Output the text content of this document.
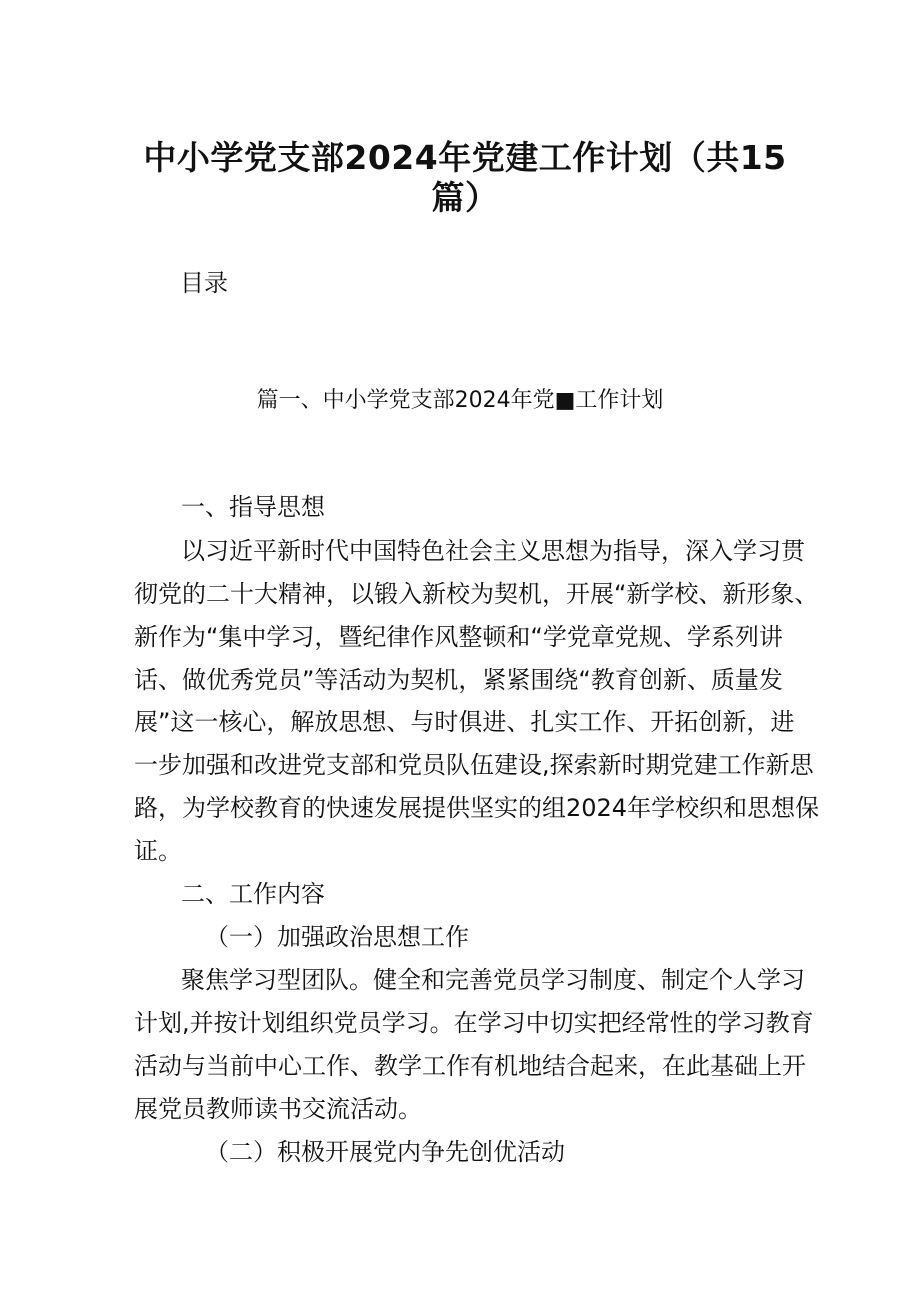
中小学党支部2024年党建工作计划（共15
篇）

目录

篇一、中小学党支部2024年党■工作计划

一、指导思想

以习近平新时代中国特色社会主义思想为指导，深入学习贯

彻党的二十大精神，以锻入新校为契机，开展“新学校、新形象、

新作为“集中学习，暨纪律作风整顿和“学党章党规、学系列讲

话、做优秀党员”等活动为契机，紧紧围绕“教育创新、质量发

展”这一核心，解放思想、与时俱进、扎实工作、开拓创新，进

一步加强和改进党支部和党员队伍建设,探索新时期党建工作新思

路，为学校教育的快速发展提供坚实的组2024年学校织和思想保

证。

二、工作内容

（一）加强政治思想工作

聚焦学习型团队。健全和完善党员学习制度、制定个人学习

计划,并按计划组织党员学习。在学习中切实把经常性的学习教育

活动与当前中心工作、教学工作有机地结合起来，在此基础上开

展党员教师读书交流活动。

（二）积极开展党内争先创优活动
